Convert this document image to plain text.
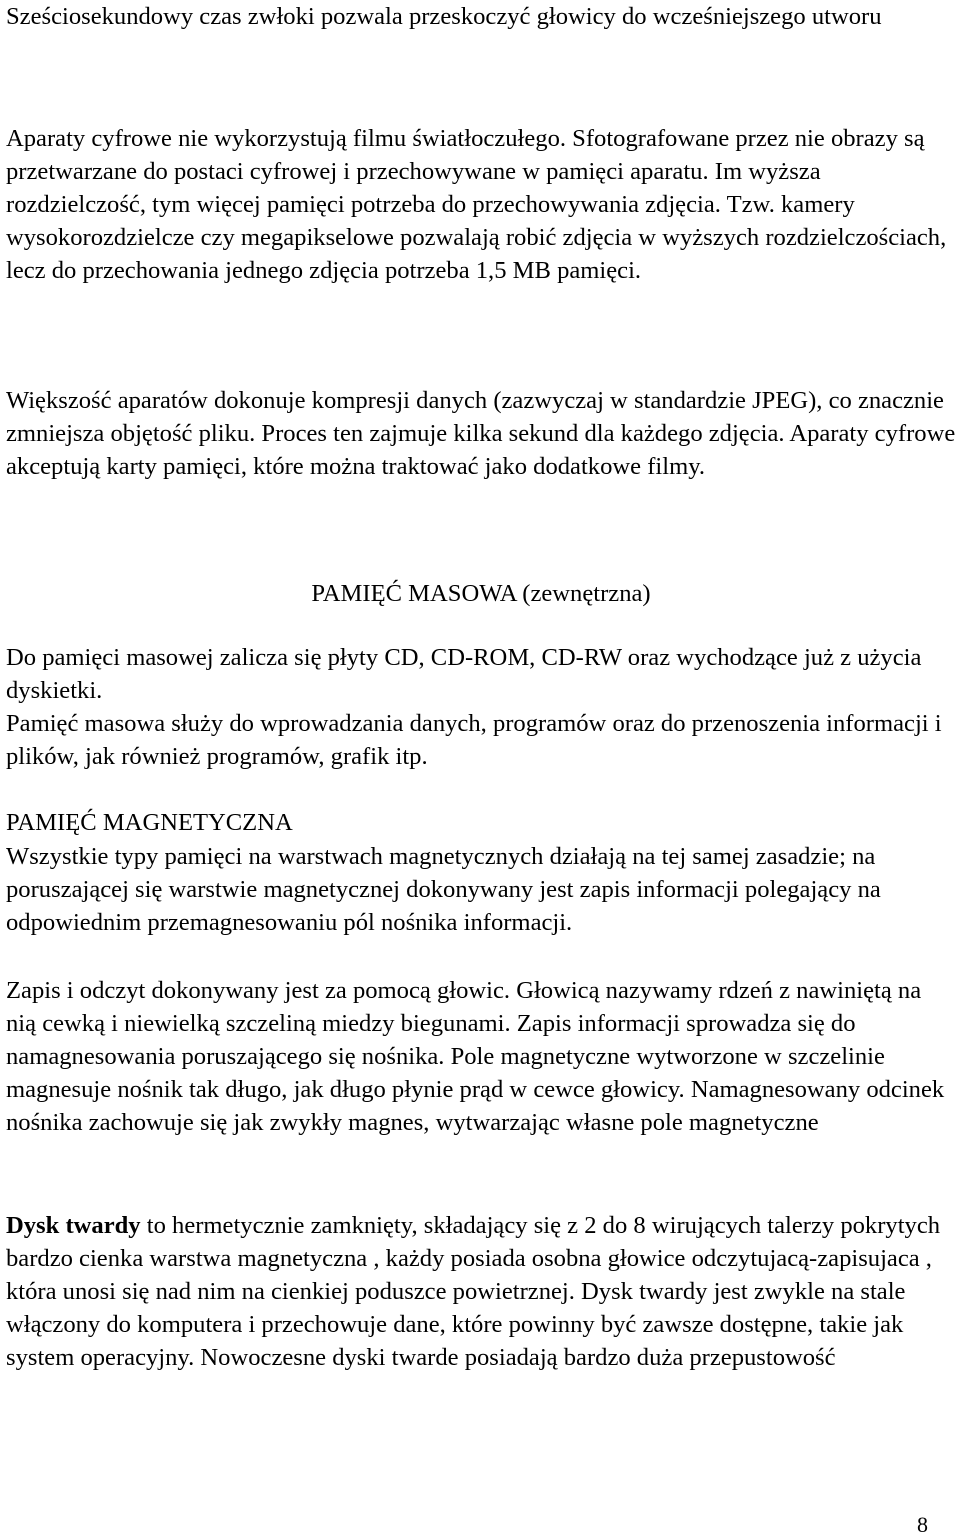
Sześciosekundowy czas zwłoki pozwala przeskoczyć głowicy do wcześniejszego utworu

Aparaty cyfrowe nie wykorzystują filmu światłoczułego. Sfotografowane przez nie obrazy są przetwarzane do postaci cyfrowej i przechowywane w pamięci aparatu. Im wyższa rozdzielczość, tym więcej pamięci potrzeba do przechowywania zdjęcia. Tzw. kamery wysokorozdzielcze czy megapikselowe pozwalają robić zdjęcia w wyższych rozdzielczościach, lecz do przechowania jednego zdjęcia potrzeba 1,5 MB pamięci.

Większość aparatów dokonuje kompresji danych (zazwyczaj w standardzie JPEG), co znacznie zmniejsza objętość pliku. Proces ten zajmuje kilka sekund dla każdego zdjęcia. Aparaty cyfrowe akceptują karty pamięci, które można traktować jako dodatkowe filmy.

PAMIĘĆ MASOWA (zewnętrzna)

Do pamięci masowej zalicza się płyty CD, CD-ROM, CD-RW oraz wychodzące już z użycia dyskietki.

Pamięć masowa służy do wprowadzania danych, programów oraz do przenoszenia informacji i plików, jak również programów, grafik itp.

PAMIĘĆ MAGNETYCZNA

Wszystkie typy pamięci na warstwach magnetycznych działają na tej samej zasadzie; na poruszającej się warstwie magnetycznej dokonywany jest zapis informacji polegający na odpowiednim przemagnesowaniu pól nośnika informacji.

Zapis i odczyt dokonywany jest za pomocą głowic. Głowicą nazywamy rdzeń z nawiniętą na nią cewką i niewielką szczeliną miedzy biegunami. Zapis informacji sprowadza się do namagnesowania poruszającego się nośnika. Pole magnetyczne wytworzone w szczelinie magnesuje nośnik tak długo, jak długo płynie prąd w cewce głowicy. Namagnesowany odcinek nośnika zachowuje się jak zwykły magnes, wytwarzając własne pole magnetyczne

Dysk twardy to hermetycznie zamknięty, składający się z 2 do 8 wirujących talerzy pokrytych bardzo cienka warstwa magnetyczna , każdy posiada osobna głowice odczytujacą-zapisujaca , która unosi się nad nim na cienkiej poduszce powietrznej. Dysk twardy jest zwykle na stale włączony do komputera i przechowuje dane, które powinny być zawsze dostępne, takie jak system operacyjny. Nowoczesne dyski twarde posiadają bardzo duża przepustowość

8
